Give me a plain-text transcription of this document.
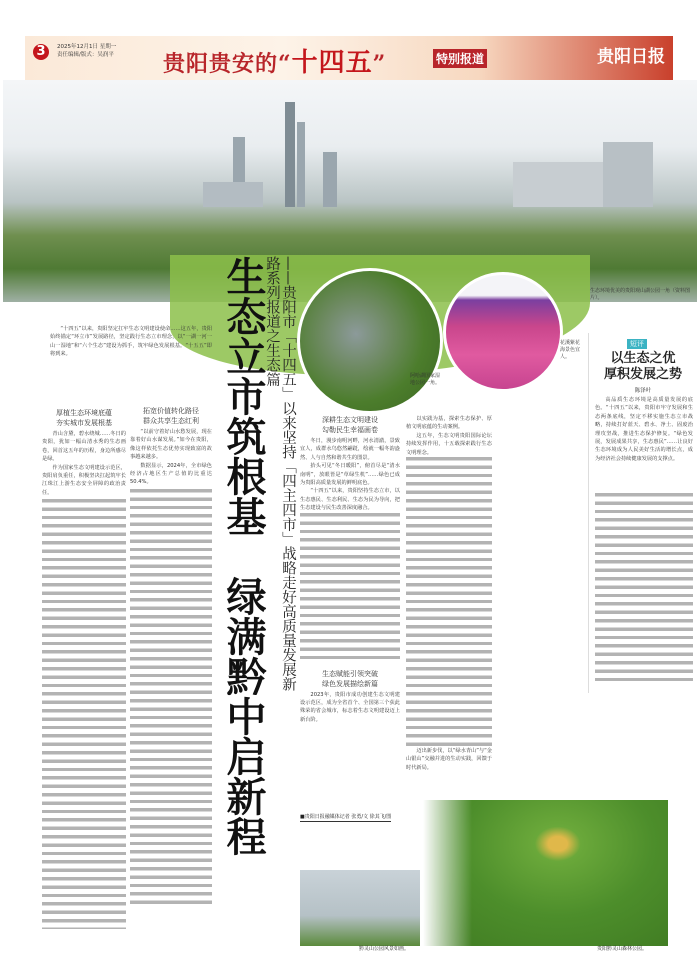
3	2025年12月1日 星期一
责任编辑/版式：吴润平 贵阳贵安的“十四五”	特别报道	贵阳日报
生态环境优美的贵阳观山湖公园一角（资料图片）。
阿哈湖国家湿地公园一角。
花溪紫花海景色宜人。
生态立市筑根基　绿满黔中启新程 ——贵阳市「十四五」以来坚持「四主四市」战略走好高质量发展新路系列报道之生态篇

“十四五”以来，贵阳坚定扛牢生态文明建设使命……这五年，贵阳始终锚定“环立市”发展路径，坚定践行生态立市理念，以“一湖一河一山一湿地”和“六个生态”建设为抓手，筑牢绿色发展根基。“十五五”即将到来。

厚植生态环境底蕴
夯实城市发展根基

青山含黛，碧水绕城……冬日的贵阳，犹如一幅山清水秀的生态画卷，回首这五年的历程，身边所感尽是绿。

作为国家生态文明建设示范区，贵阳肩负重任，积极坚决扛起筑牢长江珠江上游生态安全屏障的政治责任。

拓宽价值转化路径
群众共享生态红利

“以前守着好山水愁发展，现在靠着好山水谋发展。”如今在贵阳，像这样依托生态优势实现致富的故事越来越多。

数据显示，2024年，全市绿色经济占地区生产总值的比重达50.4%。

深耕生态文明建设
勾勒民生幸福画卷

冬日，漫步南明河畔，河水清澈，景致宜人，成群水鸟悠然翩跹，绘就一幅冬韵盎然、人与自然和谐共生的图景。

抬头可见“冬日暖阳”，俯首尽是“清水南明”，放眼皆是“草绿生机”……绿色已成为贵阳高质量发展的鲜明底色。

“十四五”以来，贵阳坚持生态立市，以生态惠民、生态利民、生态为民为导向，把生态建设与民生改善深度融合。

生态赋能引领突破
绿色发展描绘新篇

2023年，贵阳市成功创建生态文明建设示范区，成为全省首个、全国第三个获此殊荣的省会城市，标志着生态文明建设迈上新台阶。

以实践为基，探索生态保护、厚植文明底蕴的生动案例。

这五年，生态文明贵阳国际论坛持续发挥作用，十五载探索践行生态文明理念。

迈出新步伐，以“绿水青山”与“金山银山”交融并进的生动实践，回馈于时代新局。

短评
以生态之优
厚积发展之势
陈泽叶

高品质生态环境是高质量发展的底色。“十四五”以来，贵阳市牢守发展和生态两条底线，坚定不移实施生态立市战略，持续打好蓝天、碧水、净土、固废治理攻坚战，推进生态保护修复。“绿色发展，发展成果共享，生态惠民”……让良好生态环境成为人民美好生活的增长点，成为经济社会持续健康发展的支撑点。

贵阳黔灵山森林公园。
黔灵山公园风景如画。
■贵阳日报融媒体记者 张勇/文 徐其飞/图
